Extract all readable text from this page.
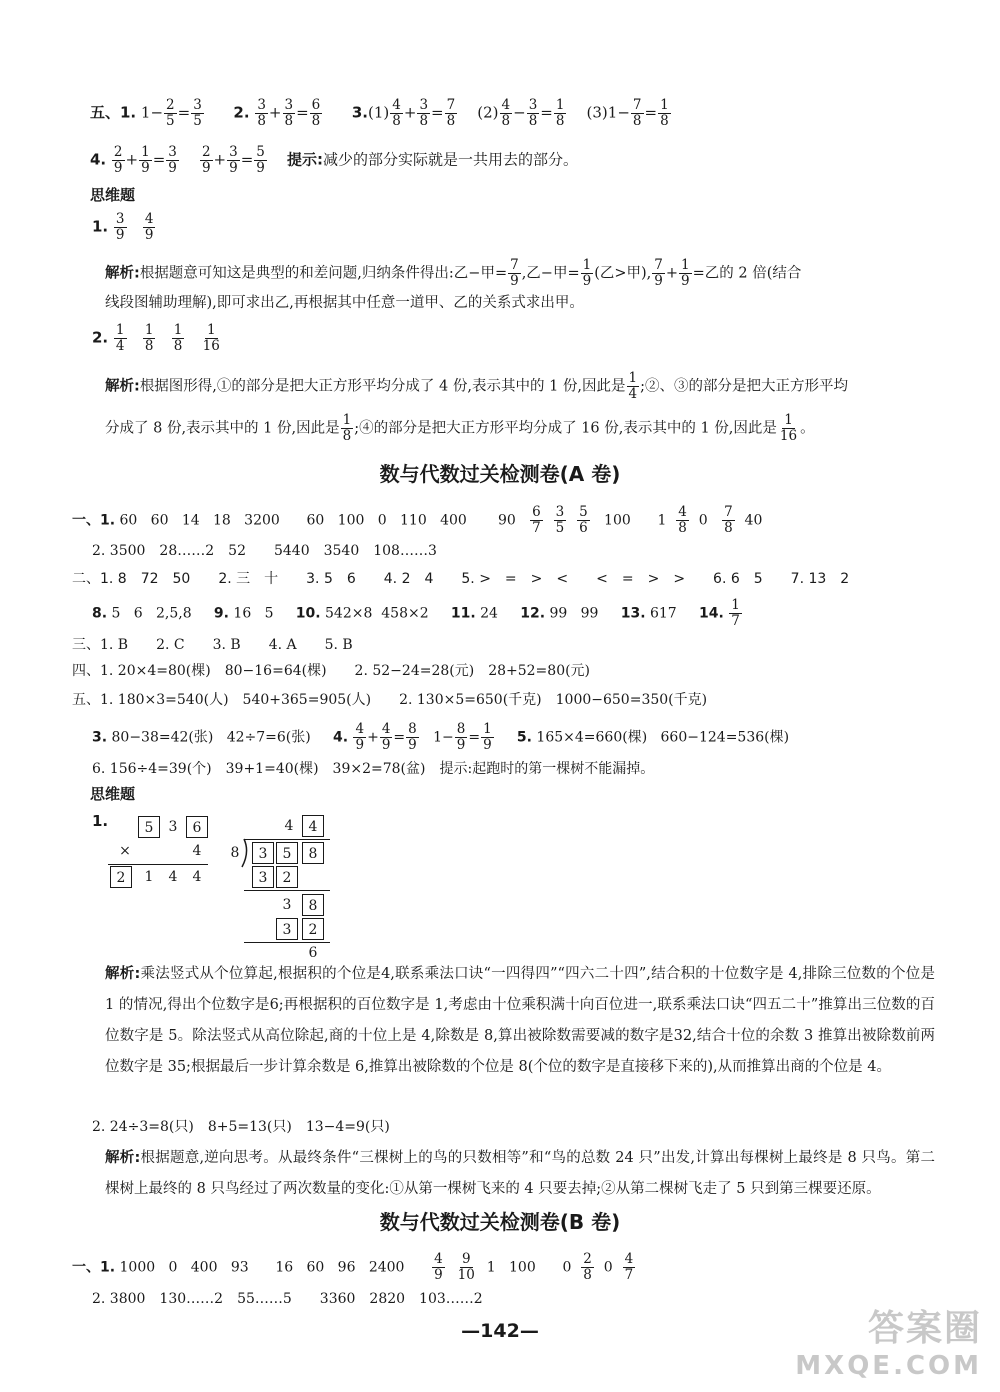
五、1. $1- \frac{2}{5} = \frac{3}{5} 2$. $\frac{3}{8} + \frac{3}{8} = \frac{6}{8} 3.(1) \frac{4}{8} + \frac{3}{8} = \frac{7}{8} (2) \frac{4}{8} - \frac{3}{8} = \frac{1}{8} (3)1- \frac{7}{8} = \frac{1}{8}$
4. $\frac{2}{9} + \frac{1}{9} = \frac{3}{9}$
$\frac{2}{9} + \frac{3}{9} = \frac{5}{9}$ 提示:减少的部分实际就是一共用去的部分。
思维题
1. $\frac{3}{9}$
$\frac{4}{9}$
解析:根据题意可知这是典型的和差问题,归纳条件得出:乙−甲= $\frac{7}{9}$ ,乙−甲= $\frac{1}{9}$ (乙>甲), $\frac{7}{9} + \frac{1}{9}$ =乙的 2 倍(结合
线段图辅助理解),即可求出乙,再根据其中任意一道甲、乙的关系式求出甲。
2. $\frac{1}{4}$
$\frac{1}{8}$
$\frac{1}{8}$
$\frac{1}{16}$
解析:根据图形得,①的部分是把大正方形平均分成了 4 份,表示其中的 1 份,因此是 $\frac{1}{4}$ ;②、③的部分是把大正方形平均
分成了 8 份,表示其中的 1 份,因此是 $\frac{1}{8}$ ;④的部分是把大正方形平均分成了 16 份,表示其中的 1 份,因此是 $\frac{1}{16}$ 。
数与代数过关检测卷(A 卷)
一、1. 60   60   14   18   3200      60   100   0   110   400       $90 \frac{6}{7}$
$\frac{3}{5}$
$\frac{5}{6} 100$      $1 \frac{4}{8} 0 \frac{7}{8} 40$
2. 3500　28……2　52　　5440　3540　108……3
二、1. 8　72　50　　2. 三　十　　3. 5　6　　4. 2　4　　5. >　=　>　<　　<　=　>　>　　6. 6　5　　7. 13　2
8. 5   6   2,5,8     9. 16   5     10. 542×8  458×2     11. 24     12. 99   99     13. 617     14. $\frac{1}{7}$
三、1. B　　2. C　　3. B　　4. A　　5. B
四、1. 20×4=80(棵)　80−16=64(棵)　　2. 52−24=28(元)　28+52=80(元)
五、1. 180×3=540(人)　540+365=905(人)　　2. 130×5=650(千克)　1000−650=350(千克)
3. 80−38=42(张)   42÷7=6(张)     4. $\frac{4}{9} + \frac{4}{9} = \frac{8}{9} 1- \frac{8}{9} = \frac{1}{9} 5$. 165×4=660(棵)   660−124=536(棵)
6. 156÷4=39(个)　39+1=40(棵)　39×2=78(盆)　提示:起跑时的第一棵树不能漏掉。
思维题
1.	5	3	6
×	4
2	1	4	4
4	4
8	3	5	8
3	2
3	8
3	2
6
解析:乘法竖式从个位算起,根据积的个位是4,联系乘法口诀“一四得四”“四六二十四”,结合积的十位数字是 4,排除三位数的个位是 1 的情况,得出个位数字是6;再根据积的百位数字是 1,考虑由十位乘积满十向百位进一,联系乘法口诀“四五二十”推算出三位数的百位数字是 5。除法竖式从高位除起,商的十位上是 4,除数是 8,算出被除数需要减的数字是32,结合十位的余数 3 推算出被除数前两位数字是 35;根据最后一步计算余数是 6,推算出被除数的个位是 8(个位的数字是直接移下来的),从而推算出商的个位是 4。
2. 24÷3=8(只)　8+5=13(只)　13−4=9(只)
解析:根据题意,逆向思考。从最终条件“三棵树上的鸟的只数相等”和“鸟的总数 24 只”出发,计算出每棵树上最终是 8 只鸟。第二棵树上最终的 8 只鸟经过了两次数量的变化:①从第一棵树飞来的 4 只要去掉;②从第二棵树飞走了 5 只到第三棵要还原。
数与代数过关检测卷(B 卷)
一、1. 1000   0   400   93      16   60   96   $2400 \frac{4}{9}$
$\frac{9}{10} 1$   100      $0 \frac{2}{8} 0 \frac{4}{7}$
2. 3800　130……2　55……5　　3360　2820　103……2
—142—	答案圈
MXQE.COM
